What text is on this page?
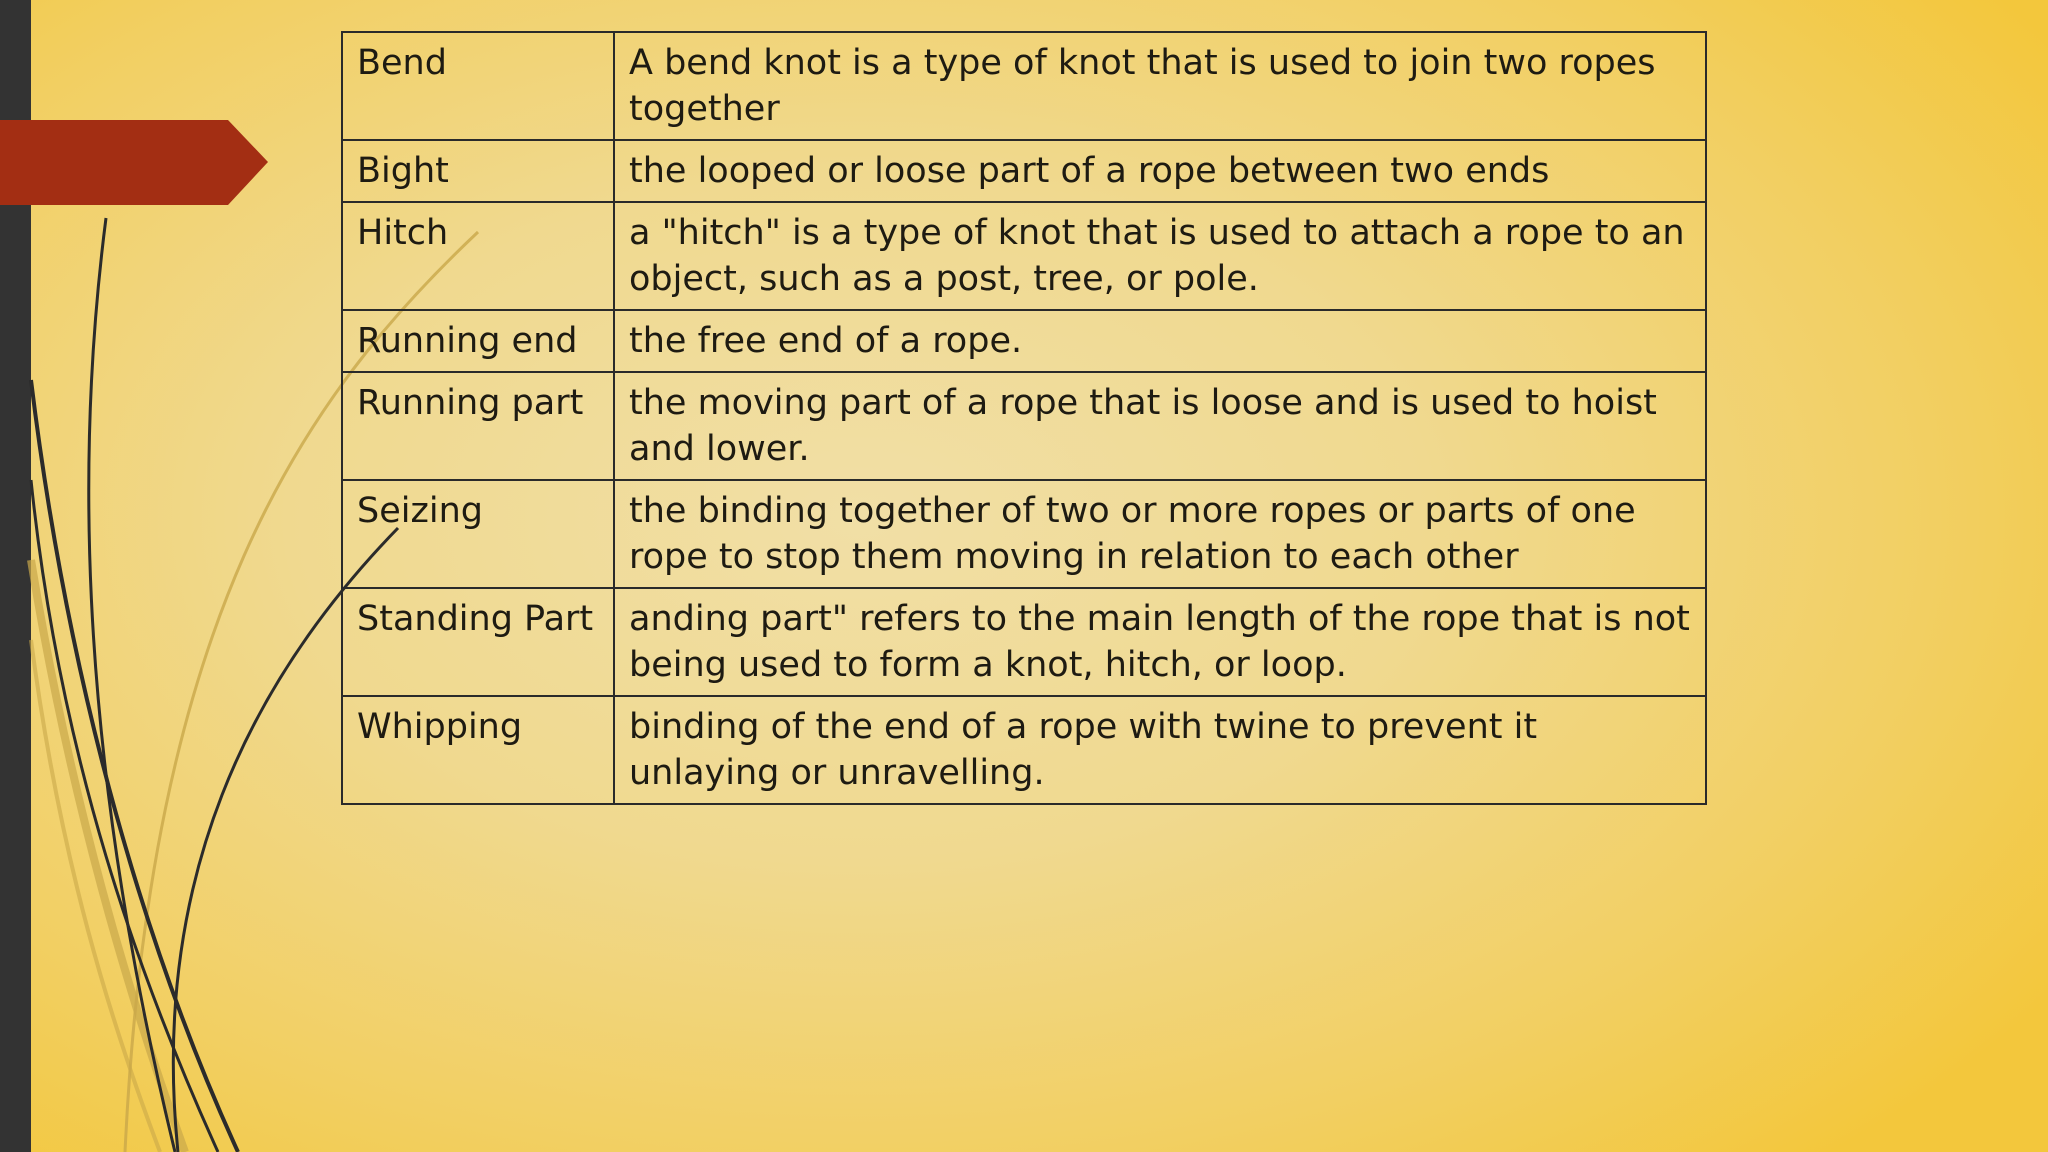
Bend	A bend knot is a type of knot that is used to join two ropes together
Bight	the looped or loose part of a rope between two ends
Hitch	a "hitch" is a type of knot that is used to attach a rope to an object, such as a post, tree, or pole.
Running end	the free end of a rope.
Running part	the moving part of a rope that is loose and is used to hoist and lower.
Seizing	the binding together of two or more ropes or parts of one rope to stop them moving in relation to each other
Standing Part	anding part" refers to the main length of the rope that is not being used to form a knot, hitch, or loop.
Whipping	binding of the end of a rope with twine to prevent it unlaying or unravelling.
